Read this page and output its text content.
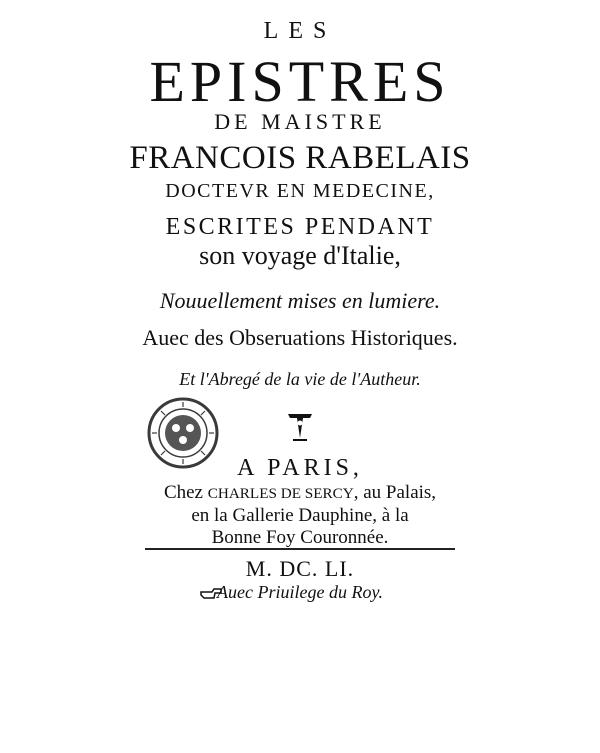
LES
EPISTRES
DE MAISTRE
FRANCOIS RABELAIS
DOCTEVR EN MEDECINE,
ESCRITES PENDANT
son voyage d'Italie,
Nouuellement mises en lumiere.
Auec des Obseruations Historiques.
Et l'Abregé de la vie de l'Autheur.
A PARIS,
Chez CHARLES DE SERCY, au Palais,
en la Gallerie Dauphine, à la
Bonne Foy Couronnée.
M. DC. LI.
Auec Priuilege du Roy.
